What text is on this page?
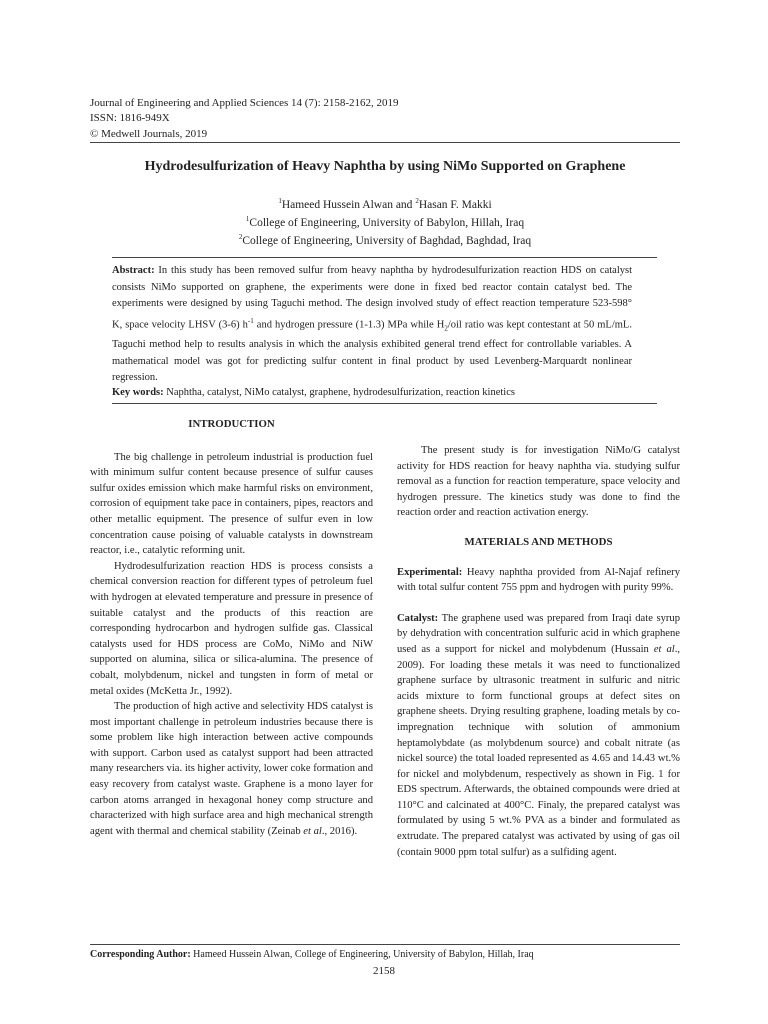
Journal of Engineering and Applied Sciences 14 (7): 2158-2162, 2019
ISSN: 1816-949X
© Medwell Journals, 2019
Hydrodesulfurization of Heavy Naphtha by using NiMo Supported on Graphene
$^1$Hameed Hussein Alwan and $^2$Hasan F. Makki
$^1$College of Engineering, University of Babylon, Hillah, Iraq
$^2$College of Engineering, University of Baghdad, Baghdad, Iraq
Abstract: In this study has been removed sulfur from heavy naphtha by hydrodesulfurization reaction HDS on catalyst consists NiMo supported on graphene, the experiments were done in fixed bed reactor contain catalyst bed. The experiments were designed by using Taguchi method. The design involved study of effect reaction temperature 523-598° K, space velocity LHSV (3-6) $h^{-1}$ and hydrogen pressure (1-1.3) MPa while $H_2$/oil ratio was kept contestant at 50 mL/mL. Taguchi method help to results analysis in which the analysis exhibited general trend effect for controllable variables. A mathematical model was got for predicting sulfur content in final product by used Levenberg-Marquardt nonlinear regression.
Key words: Naphtha, catalyst, NiMo catalyst, graphene, hydrodesulfurization, reaction kinetics

INTRODUCTION

The big challenge in petroleum industrial is production fuel with minimum sulfur content because presence of sulfur causes sulfur oxides emission which make harmful risks on environment, corrosion of equipment take pace in containers, pipes, reactors and other metallic equipment. The presence of sulfur even in low concentration cause poising of valuable catalysts in downstream reactor, i.e., catalytic reforming unit.

Hydrodesulfurization reaction HDS is process consists a chemical conversion reaction for different types of petroleum fuel with hydrogen at elevated temperature and pressure in presence of suitable catalyst and the products of this reaction are corresponding hydrocarbon and hydrogen sulfide gas. Classical catalysts used for HDS process are CoMo, NiMo and NiW supported on alumina, silica or silica-alumina. The presence of cobalt, molybdenum, nickel and tungsten in form of metal or metal oxides (McKetta Jr., 1992).

The production of high active and selectivity HDS catalyst is most important challenge in petroleum industries because there is some problem like high interaction between active compounds with support. Carbon used as catalyst support had been attracted many researchers via. its higher activity, lower coke formation and easy recovery from catalyst waste. Graphene is a mono layer for carbon atoms arranged in hexagonal honey comp structure and characterized with high surface area and high mechanical strength agent with thermal and chemical stability (Zeinab et al., 2016).

The present study is for investigation NiMo/G catalyst activity for HDS reaction for heavy naphtha via. studying sulfur removal as a function for reaction temperature, space velocity and hydrogen pressure. The kinetics study was done to find the reaction order and reaction activation energy.

MATERIALS AND METHODS

Experimental: Heavy naphtha provided from Al-Najaf refinery with total sulfur content 755 ppm and hydrogen with purity 99%.

Catalyst: The graphene used was prepared from Iraqi date syrup by dehydration with concentration sulfuric acid in which graphene used as a support for nickel and molybdenum (Hussain et al., 2009). For loading these metals it was need to functionalized graphene surface by ultrasonic treatment in sulfuric and nitric acids mixture to form functional groups at defect sites on graphene sheets. Drying resulting graphene, loading metals by co-impregnation technique with solution of ammonium heptamolybdate (as molybdenum source) and cobalt nitrate (as nickel source) the total loaded represented as 4.65 and 14.43 wt.% for nickel and molybdenum, respectively as shown in Fig. 1 for EDS spectrum. Afterwards, the obtained compounds were dried at 110°C and calcinated at 400°C. Finaly, the prepared catalyst was formulated by using 5 wt.% PVA as a binder and formulated as extrudate. The prepared catalyst was activated by using of gas oil (contain 9000 ppm total sulfur) as a sulfiding agent.

Corresponding Author: Hameed Hussein Alwan, College of Engineering, University of Babylon, Hillah, Iraq
2158
